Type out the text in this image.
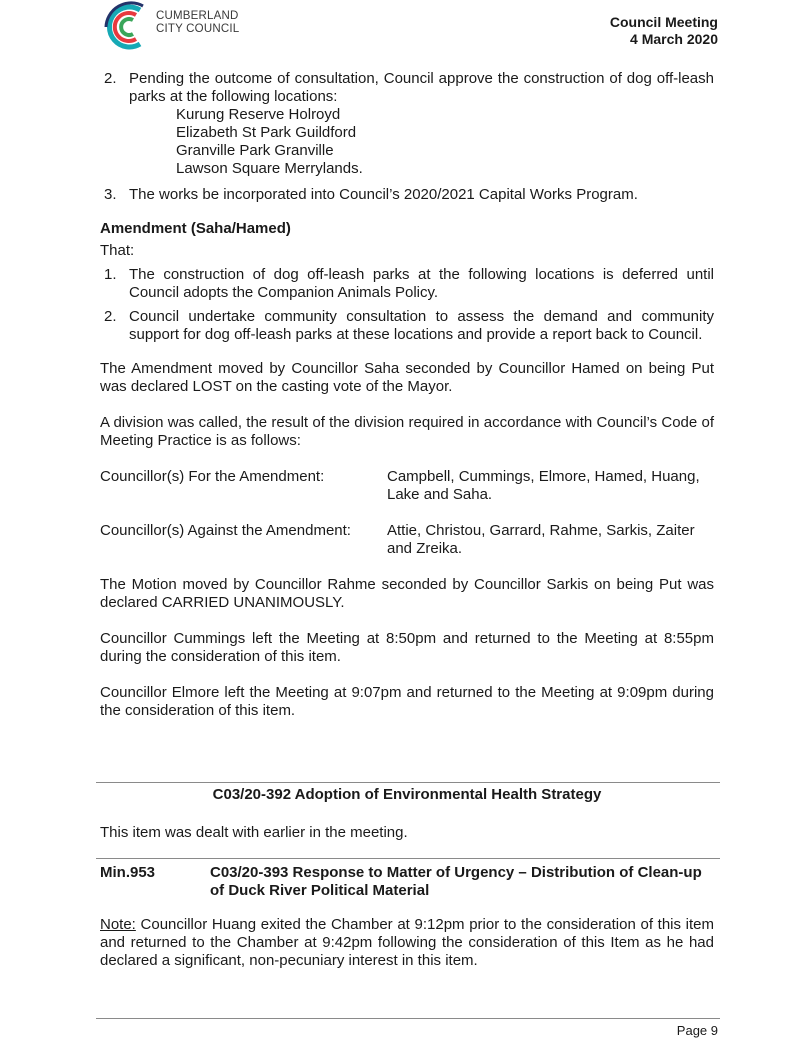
CUMBERLAND
CITY COUNCIL	Council Meeting
4 March 2020
2. Pending the outcome of consultation, Council approve the construction of dog off-leash parks at the following locations:
Kurung Reserve Holroyd
Elizabeth St Park Guildford
Granville Park Granville
Lawson Square Merrylands.
3. The works be incorporated into Council’s 2020/2021 Capital Works Program.
Amendment (Saha/Hamed)
That:
1. The construction of dog off-leash parks at the following locations is deferred until Council adopts the Companion Animals Policy.
2. Council undertake community consultation to assess the demand and community support for dog off-leash parks at these locations and provide a report back to Council.

The Amendment moved by Councillor Saha seconded by Councillor Hamed on being Put was declared LOST on the casting vote of the Mayor.

A division was called, the result of the division required in accordance with Council’s Code of Meeting Practice is as follows:

Councillor(s) For the Amendment:	Campbell, Cummings, Elmore, Hamed, Huang, Lake and Saha.
Councillor(s) Against the Amendment:	Attie, Christou, Garrard, Rahme, Sarkis, Zaiter and Zreika.

The Motion moved by Councillor Rahme seconded by Councillor Sarkis on being Put was declared CARRIED UNANIMOUSLY.

Councillor Cummings left the Meeting at 8:50pm and returned to the Meeting at 8:55pm during the consideration of this item.

Councillor Elmore left the Meeting at 9:07pm and returned to the Meeting at 9:09pm during the consideration of this item.

C03/20-392 Adoption of Environmental Health Strategy

This item was dealt with earlier in the meeting.

Min.953	C03/20-393 Response to Matter of Urgency – Distribution of Clean-up of Duck River Political Material

Note: Councillor Huang exited the Chamber at 9:12pm prior to the consideration of this item and returned to the Chamber at 9:42pm following the consideration of this Item as he had declared a significant, non-pecuniary interest in this item.

Page 9
